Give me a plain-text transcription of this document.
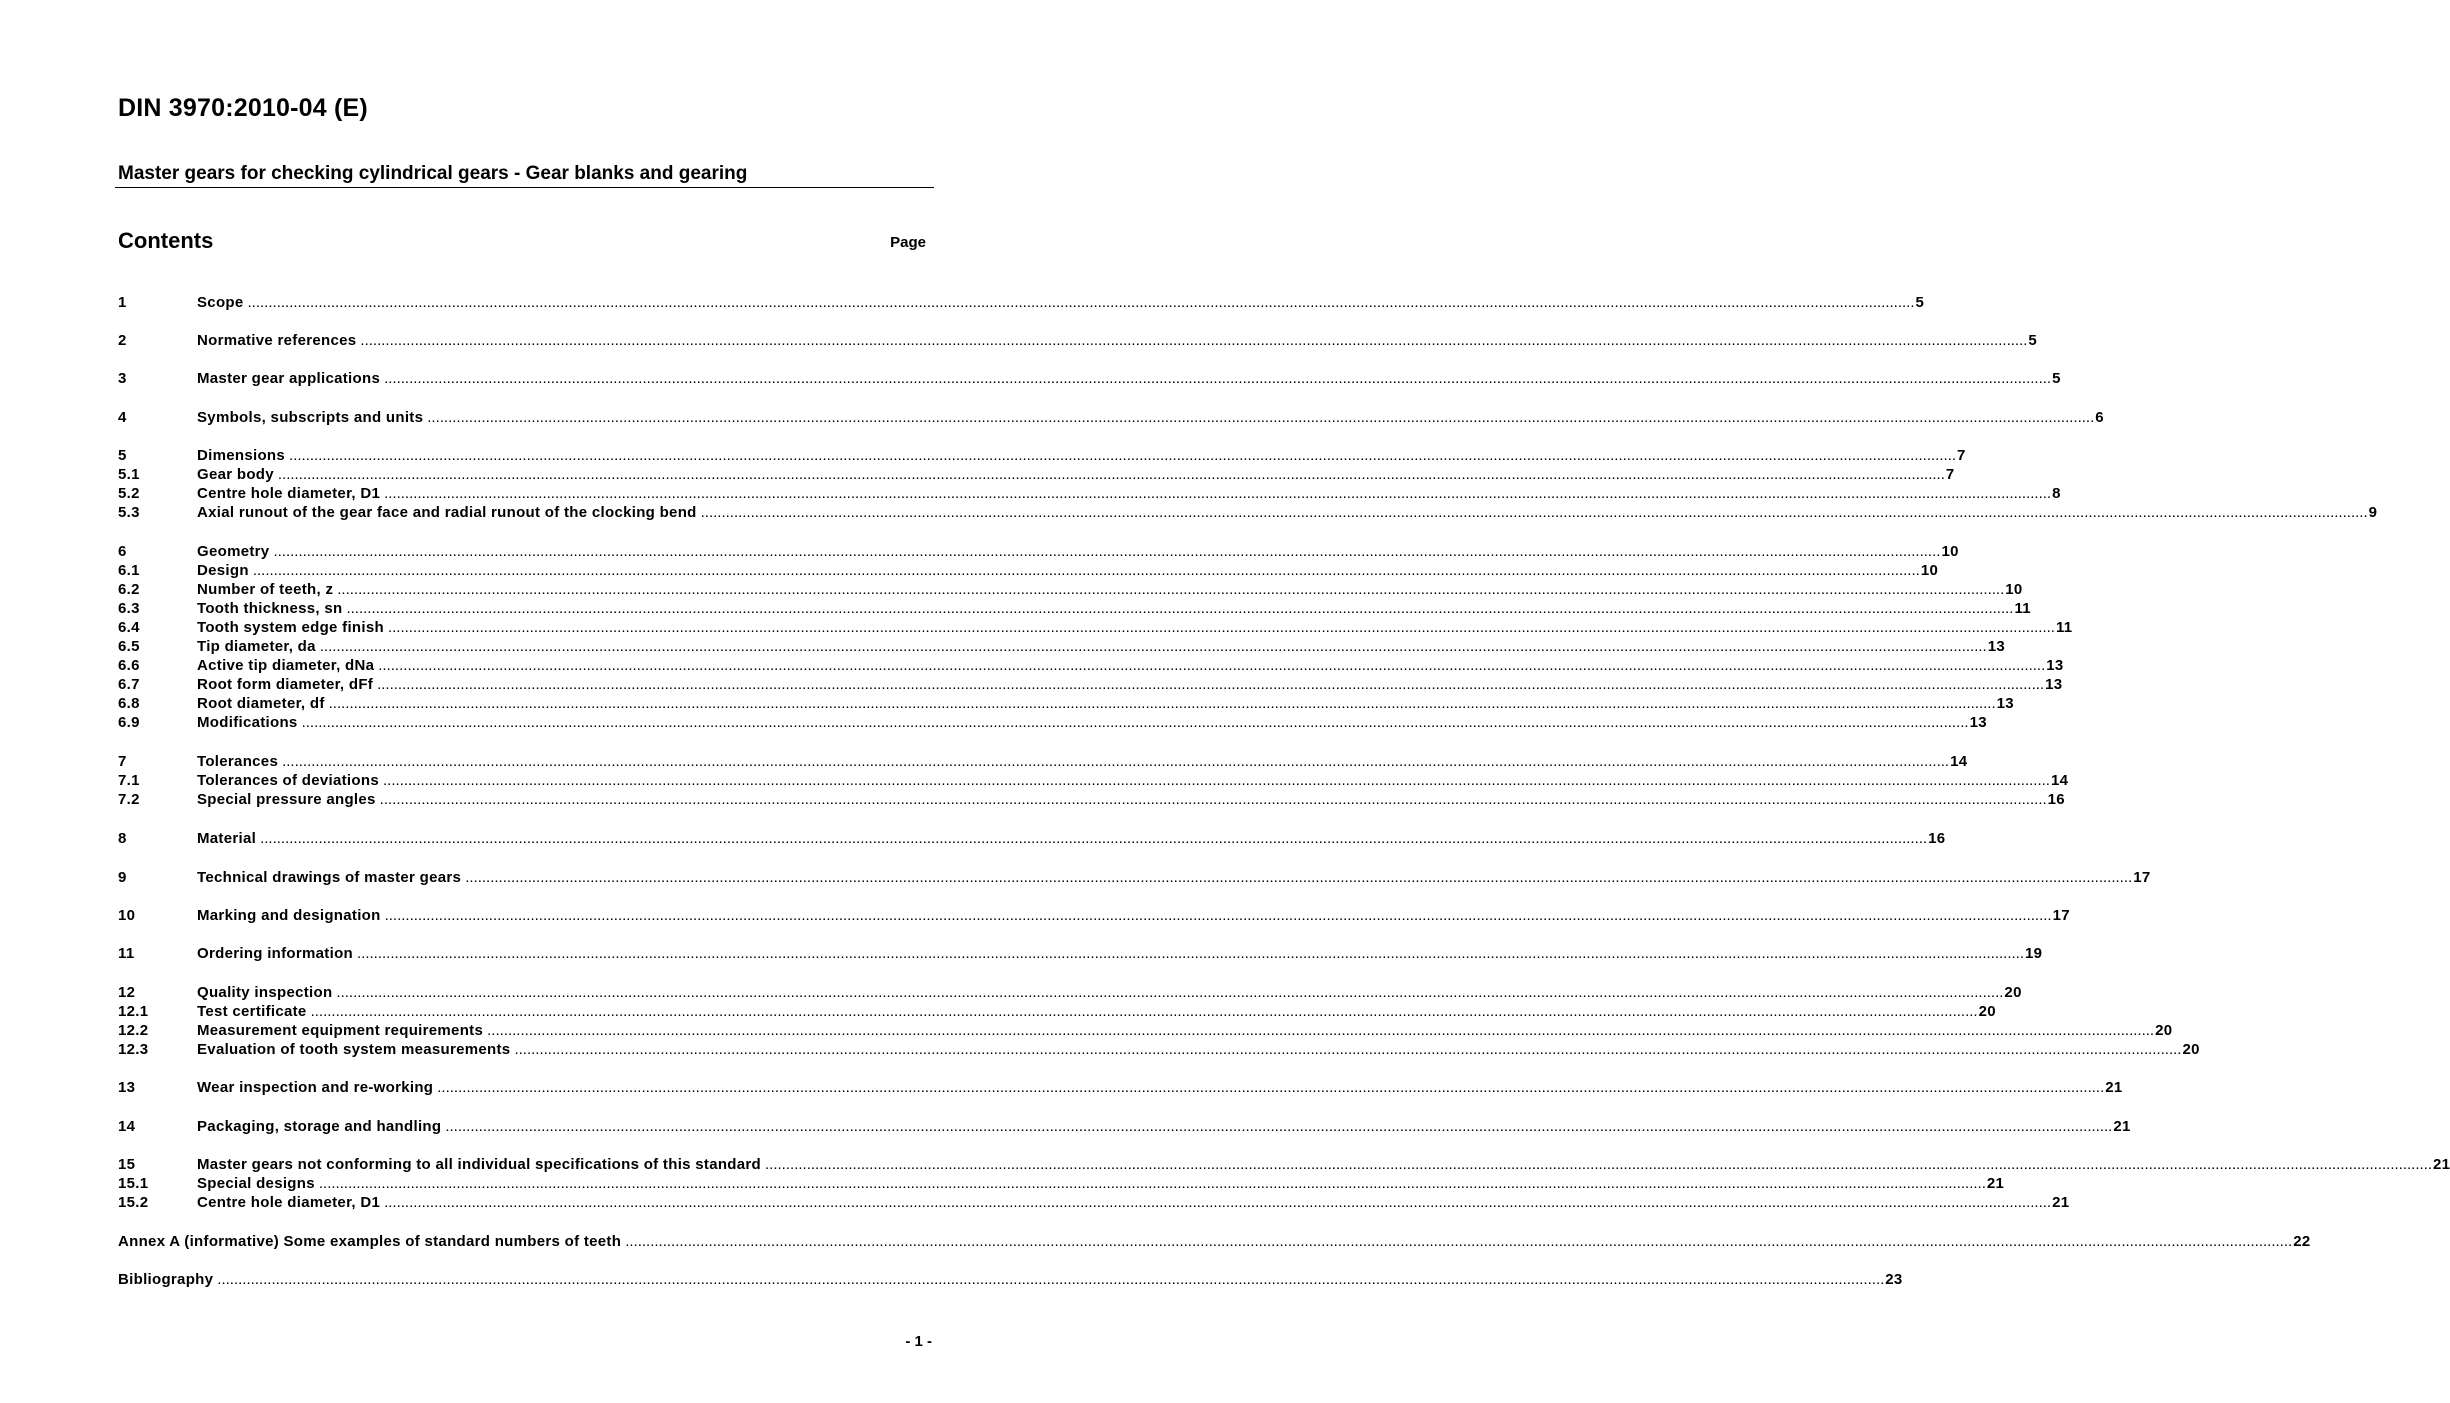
DIN 3970:2010-04 (E)
Master gears for checking cylindrical gears - Gear blanks and gearing
Contents	Page
1	Scope ................................................................................................................................................................................................................................................................................................................................................................................................................ 5
2	Normative references ................................................................................................................................................................................................................................................................................................................................................................................................................ 5
3	Master gear applications ................................................................................................................................................................................................................................................................................................................................................................................................................ 5
4	Symbols, subscripts and units ................................................................................................................................................................................................................................................................................................................................................................................................................ 6
5	Dimensions ................................................................................................................................................................................................................................................................................................................................................................................................................ 7
5.1	Gear body ................................................................................................................................................................................................................................................................................................................................................................................................................ 7
5.2	Centre hole diameter, D1 ................................................................................................................................................................................................................................................................................................................................................................................................................ 8
5.3	Axial runout of the gear face and radial runout of the clocking bend ................................................................................................................................................................................................................................................................................................................................................................................................................ 9
6	Geometry ................................................................................................................................................................................................................................................................................................................................................................................................................ 10
6.1	Design ................................................................................................................................................................................................................................................................................................................................................................................................................ 10
6.2	Number of teeth, z ................................................................................................................................................................................................................................................................................................................................................................................................................ 10
6.3	Tooth thickness, sn ................................................................................................................................................................................................................................................................................................................................................................................................................ 11
6.4	Tooth system edge finish ................................................................................................................................................................................................................................................................................................................................................................................................................ 11
6.5	Tip diameter, da ................................................................................................................................................................................................................................................................................................................................................................................................................ 13
6.6	Active tip diameter, dNa ................................................................................................................................................................................................................................................................................................................................................................................................................ 13
6.7	Root form diameter, dFf ................................................................................................................................................................................................................................................................................................................................................................................................................ 13
6.8	Root diameter, df ................................................................................................................................................................................................................................................................................................................................................................................................................ 13
6.9	Modifications ................................................................................................................................................................................................................................................................................................................................................................................................................ 13
7	Tolerances ................................................................................................................................................................................................................................................................................................................................................................................................................ 14
7.1	Tolerances of deviations ................................................................................................................................................................................................................................................................................................................................................................................................................ 14
7.2	Special pressure angles ................................................................................................................................................................................................................................................................................................................................................................................................................ 16
8	Material ................................................................................................................................................................................................................................................................................................................................................................................................................ 16
9	Technical drawings of master gears ................................................................................................................................................................................................................................................................................................................................................................................................................ 17
10	Marking and designation ................................................................................................................................................................................................................................................................................................................................................................................................................ 17
11	Ordering information ................................................................................................................................................................................................................................................................................................................................................................................................................ 19
12	Quality inspection ................................................................................................................................................................................................................................................................................................................................................................................................................ 20
12.1	Test certificate ................................................................................................................................................................................................................................................................................................................................................................................................................ 20
12.2	Measurement equipment requirements ................................................................................................................................................................................................................................................................................................................................................................................................................ 20
12.3	Evaluation of tooth system measurements ................................................................................................................................................................................................................................................................................................................................................................................................................ 20
13	Wear inspection and re-working ................................................................................................................................................................................................................................................................................................................................................................................................................ 21
14	Packaging, storage and handling ................................................................................................................................................................................................................................................................................................................................................................................................................ 21
15	Master gears not conforming to all individual specifications of this standard ................................................................................................................................................................................................................................................................................................................................................................................................................ 21
15.1	Special designs ................................................................................................................................................................................................................................................................................................................................................................................................................ 21
15.2	Centre hole diameter, D1 ................................................................................................................................................................................................................................................................................................................................................................................................................ 21
Annex A (informative) Some examples of standard numbers of teeth ................................................................................................................................................................................................................................................................................................................................................................................................................ 22
Bibliography ................................................................................................................................................................................................................................................................................................................................................................................................................ 23
- 1 -
